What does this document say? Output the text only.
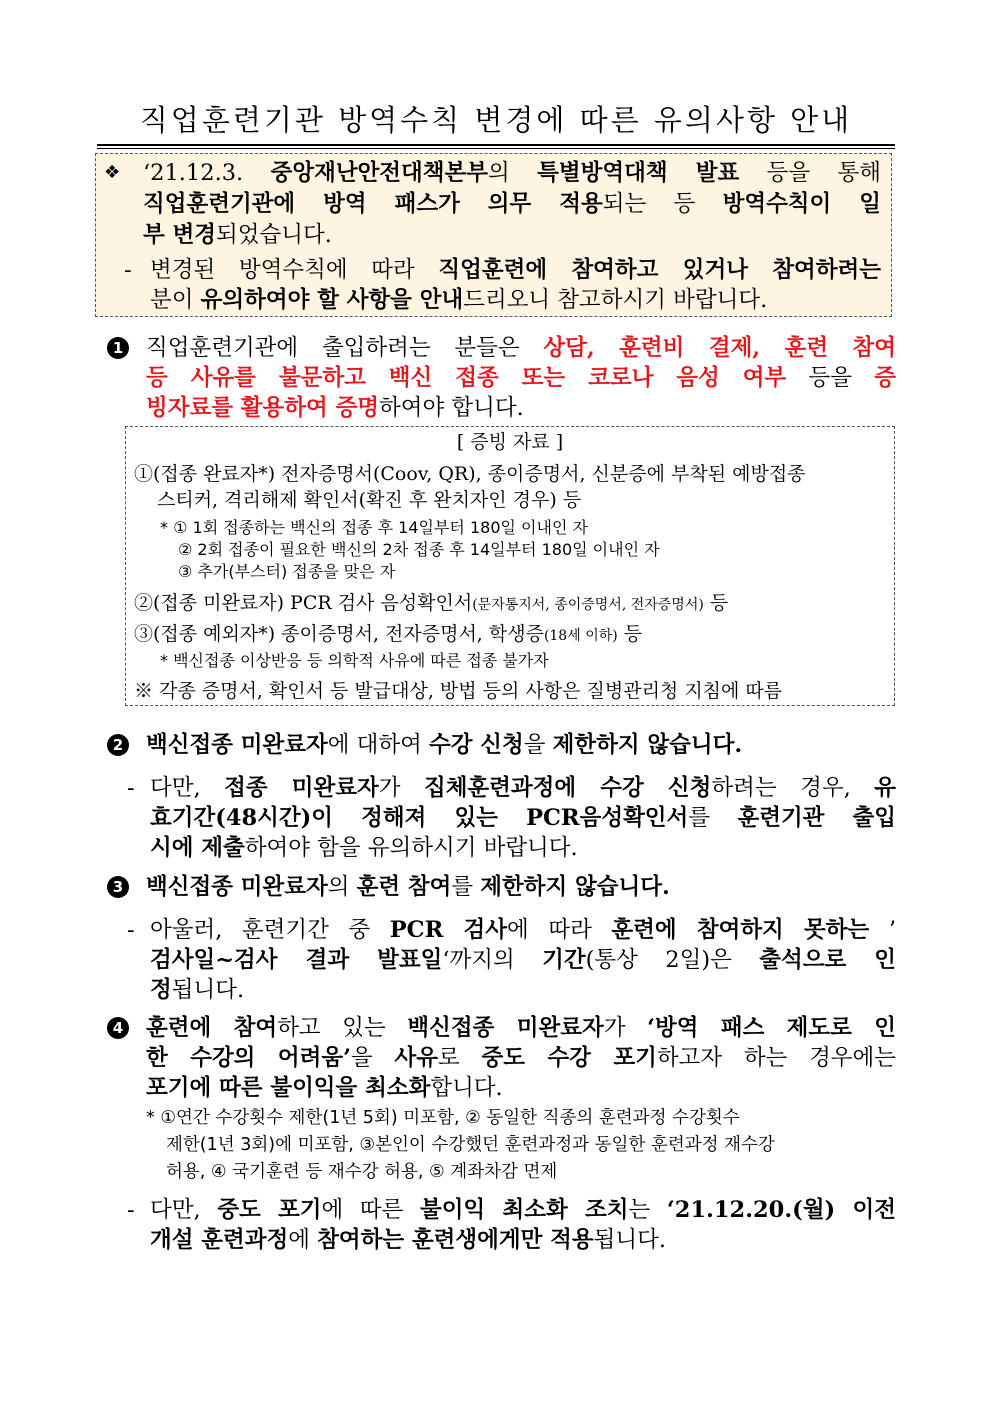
직업훈련기관 방역수칙 변경에 따른 유의사항 안내
❖ ‘21.12.3. 중앙재난안전대책본부의 특별방역대책 발표 등을 통해
직업훈련기관에 방역 패스가 의무 적용되는 등 방역수칙이 일
부 변경되었습니다.
- 변경된 방역수칙에 따라 직업훈련에 참여하고 있거나 참여하려는
분이 유의하여야 할 사항을 안내드리오니 참고하시기 바랍니다.
1 직업훈련기관에 출입하려는 분들은 상담, 훈련비 결제, 훈련 참여
등 사유를 불문하고 백신 접종 또는 코로나 음성 여부 등을 증
빙자료를 활용하여 증명하여야 합니다.
[ 증빙 자료 ]
①(접종 완료자*) 전자증명서(Coov, QR), 종이증명서, 신분증에 부착된 예방접종
스티커, 격리해제 확인서(확진 후 완치자인 경우) 등
* ① 1회 접종하는 백신의 접종 후 14일부터 180일 이내인 자
② 2회 접종이 필요한 백신의 2차 접종 후 14일부터 180일 이내인 자
③ 추가(부스터) 접종을 맞은 자
②(접종 미완료자) PCR 검사 음성확인서(문자통지서, 종이증명서, 전자증명서) 등
③(접종 예외자*) 종이증명서, 전자증명서, 학생증(18세 이하) 등
* 백신접종 이상반응 등 의학적 사유에 따른 접종 불가자
※ 각종 증명서, 확인서 등 발급대상, 방법 등의 사항은 질병관리청 지침에 따름
2 백신접종 미완료자에 대하여 수강 신청을 제한하지 않습니다.
- 다만, 접종 미완료자가 집체훈련과정에 수강 신청하려는 경우, 유
효기간(48시간)이 정해져 있는 PCR음성확인서를 훈련기관 출입
시에 제출하여야 함을 유의하시기 바랍니다.
3 백신접종 미완료자의 훈련 참여를 제한하지 않습니다.
- 아울러, 훈련기간 중 PCR 검사에 따라 훈련에 참여하지 못하는 ’
검사일~검사 결과 발표일‘까지의 기간(통상 2일)은 출석으로 인
정됩니다.
4 훈련에 참여하고 있는 백신접종 미완료자가 ‘방역 패스 제도로 인
한 수강의 어려움’을 사유로 중도 수강 포기하고자 하는 경우에는
포기에 따른 불이익을 최소화합니다.
* ①연간 수강횟수 제한(1년 5회) 미포함, ② 동일한 직종의 훈련과정 수강횟수
제한(1년 3회)에 미포함, ③본인이 수강했던 훈련과정과 동일한 훈련과정 재수강
허용, ④ 국기훈련 등 재수강 허용, ⑤ 계좌차감 면제
- 다만, 중도 포기에 따른 불이익 최소화 조치는 ‘21.12.20.(월) 이전
개설 훈련과정에 참여하는 훈련생에게만 적용됩니다.
